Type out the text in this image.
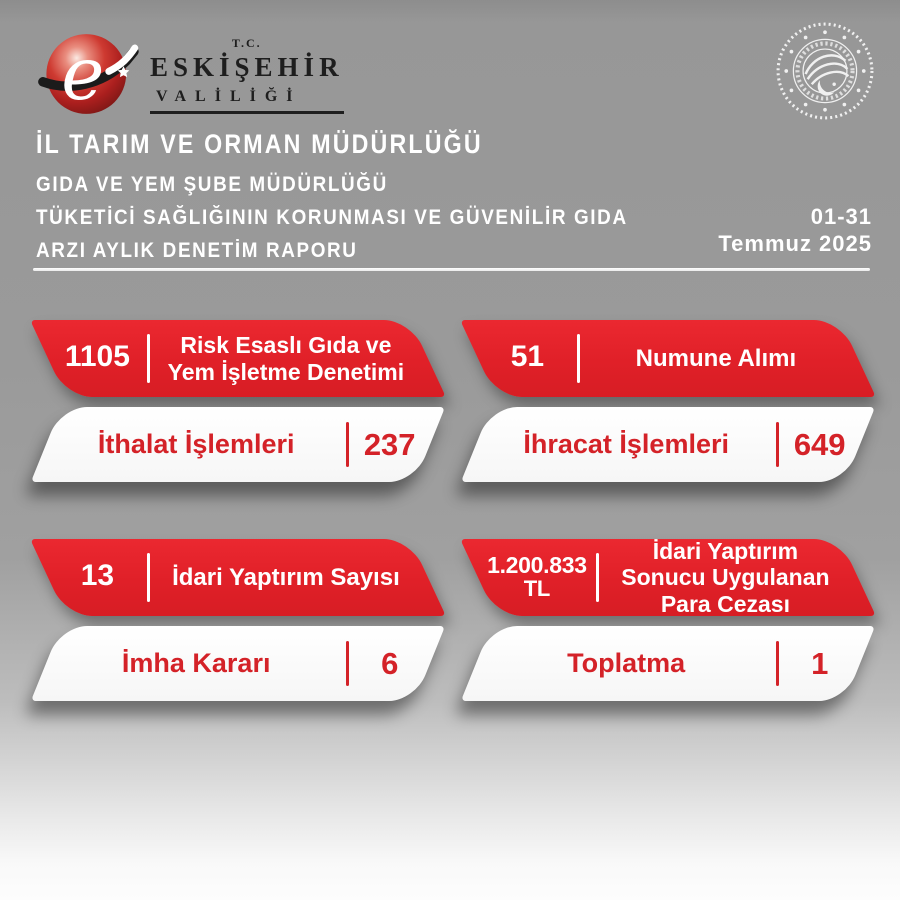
e	T.C.
ESKİŞEHİR
VALİLİĞİ
İL TARIM VE ORMAN MÜDÜRLÜĞÜ
GIDA VE YEM ŞUBE MÜDÜRLÜĞÜ
TÜKETİCİ SAĞLIĞININ KORUNMASI VE GÜVENİLİR GIDA
ARZI AYLIK DENETİM RAPORU
01-31
Temmuz 2025
1105	Risk Esaslı Gıda ve Yem İşletme Denetimi
İthalat İşlemleri	237
51	Numune Alımı
İhracat İşlemleri	649
13	İdari Yaptırım Sayısı
İmha Kararı	6
1.200.833
TL
İdari Yaptırım Sonucu Uygulanan Para Cezası
Toplatma	1
